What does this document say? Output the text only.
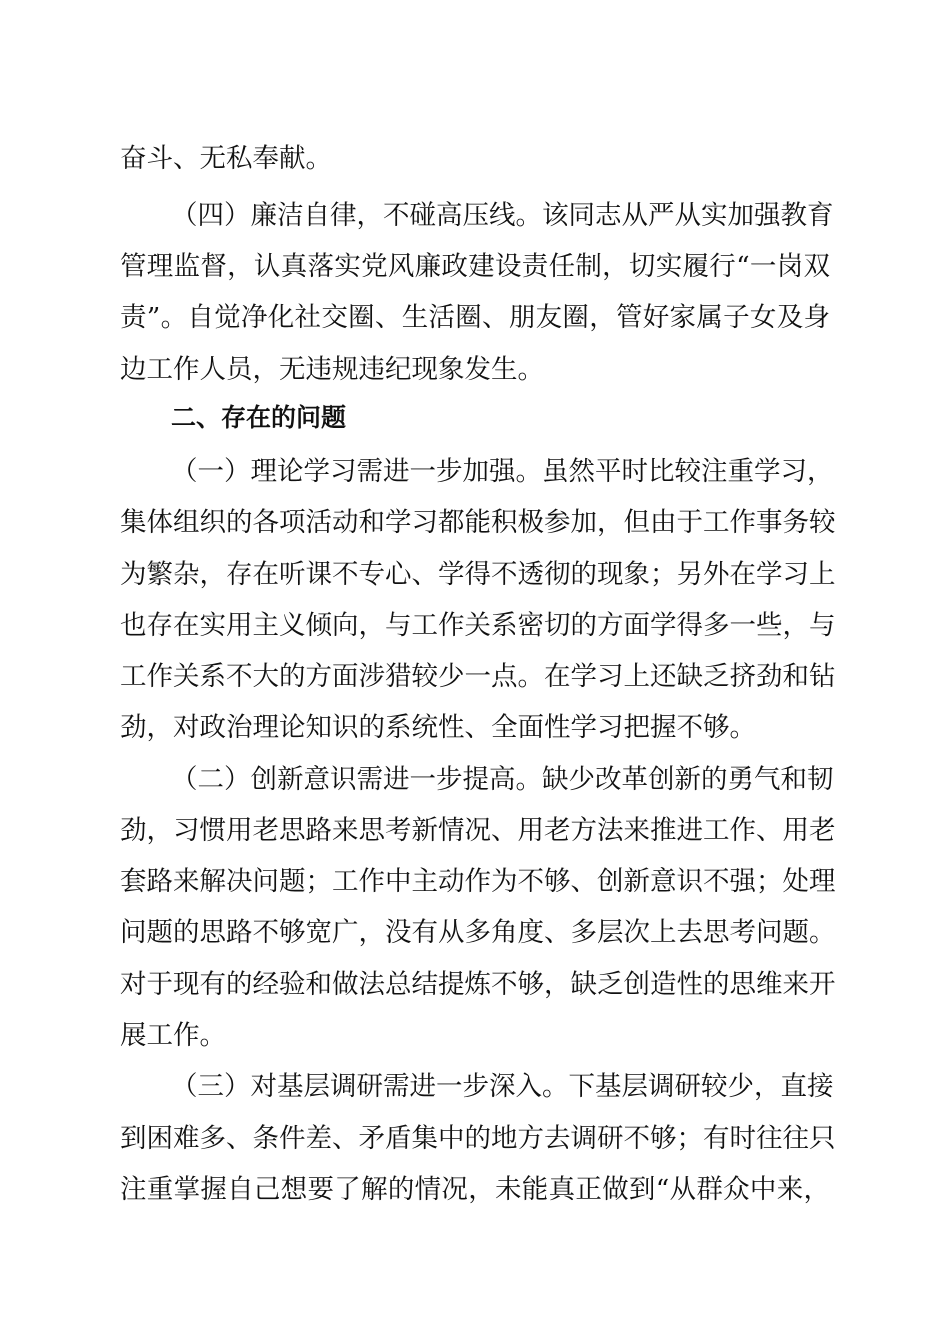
奋斗、无私奉献。
（四）廉洁自律，不碰高压线。该同志从严从实加强教育
管理监督，认真落实党风廉政建设责任制，切实履行“一岗双
责”。自觉净化社交圈、生活圈、朋友圈，管好家属子女及身
边工作人员，无违规违纪现象发生。
二、存在的问题
（一）理论学习需进一步加强。虽然平时比较注重学习，
集体组织的各项活动和学习都能积极参加，但由于工作事务较
为繁杂，存在听课不专心、学得不透彻的现象；另外在学习上
也存在实用主义倾向，与工作关系密切的方面学得多一些，与
工作关系不大的方面涉猎较少一点。在学习上还缺乏挤劲和钻
劲，对政治理论知识的系统性、全面性学习把握不够。
（二）创新意识需进一步提高。缺少改革创新的勇气和韧
劲，习惯用老思路来思考新情况、用老方法来推进工作、用老
套路来解决问题；工作中主动作为不够、创新意识不强；处理
问题的思路不够宽广，没有从多角度、多层次上去思考问题。
对于现有的经验和做法总结提炼不够，缺乏创造性的思维来开
展工作。
（三）对基层调研需进一步深入。下基层调研较少，直接
到困难多、条件差、矛盾集中的地方去调研不够；有时往往只
注重掌握自己想要了解的情况，未能真正做到“从群众中来，
